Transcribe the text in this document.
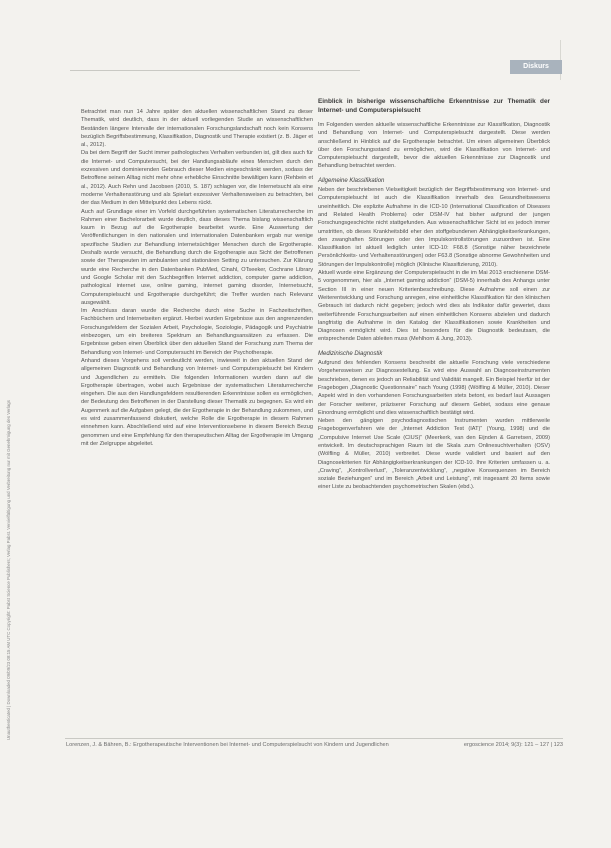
Unauthenticated | Downloaded 09/09/23 08:15 AM UTC Copyright: Pabst Science Publishers; Verlag Pabst. Vervielfältigung und Verbreitung nur mit Genehmigung des Verlags
Diskurs

Betrachtet man nun 14 Jahre später den aktuellen wissenschaftlichen Stand zu dieser Thematik, wird deutlich, dass in der aktuell vorliegenden Studie an wissenschaftlichen Beständen längere Intervalle der internationalen Forschungslandschaft noch kein Konsens bezüglich Begriffsbestimmung, Klassifikation, Diagnostik und Therapie existiert (z. B. Jäger et al., 2012).

Da bei dem Begriff der Sucht immer pathologisches Verhalten verbunden ist, gilt dies auch für die Internet- und Computersucht, bei der Handlungsabläufe eines Menschen durch den exzessiven und dominierenden Gebrauch dieser Medien eingeschränkt werden, sodass der Betroffene seinen Alltag nicht mehr ohne erhebliche Einschnitte bewältigen kann (Rehbein et al., 2012). Auch Rehn und Jacobsen (2010, S. 187) schlagen vor, die Internetsucht als eine moderne Verhaltensstörung und als Spielart exzessiver Verhaltensweisen zu betrachten, bei der das Medium in den Mittelpunkt des Lebens rückt.

Auch auf Grundlage einer im Vorfeld durchgeführten systematischen Literaturrecherche im Rahmen einer Bachelorarbeit wurde deutlich, dass dieses Thema bislang wissenschaftlich kaum in Bezug auf die Ergotherapie bearbeitet wurde. Eine Auswertung der Veröffentlichungen in den nationalen und internationalen Datenbanken ergab nur wenige spezifische Studien zur Behandlung internetsüchtiger Menschen durch die Ergotherapie. Deshalb wurde versucht, die Behandlung durch die Ergotherapie aus Sicht der Betroffenen sowie der Therapeuten im ambulanten und stationären Setting zu untersuchen. Zur Klärung wurde eine Recherche in den Datenbanken PubMed, Cinahl, OTseeker, Cochrane Library und Google Scholar mit den Suchbegriffen Internet addiction, computer game addiction, pathological internet use, online gaming, internet gaming disorder, Internetsucht, Computerspielsucht und Ergotherapie durchgeführt; die Treffer wurden nach Relevanz ausgewählt.

Im Anschluss daran wurde die Recherche durch eine Suche in Fachzeitschriften, Fachbüchern und Internetseiten ergänzt. Hierbei wurden Ergebnisse aus den angrenzenden Forschungsfeldern der Sozialen Arbeit, Psychologie, Soziologie, Pädagogik und Psychiatrie einbezogen, um ein breiteres Spektrum an Behandlungsansätzen zu erfassen. Die Ergebnisse geben einen Überblick über den aktuellen Stand der Forschung zum Thema der Behandlung von Internet- und Computersucht im Bereich der Psychotherapie.

Anhand dieses Vorgehens soll verdeutlicht werden, inwieweit in den aktuellen Stand der allgemeinen Diagnostik und Behandlung von Internet- und Computerspielsucht bei Kindern und Jugendlichen zu ermitteln. Die folgenden Informationen wurden dann auf die Ergotherapie übertragen, wobei auch Ergebnisse der systematischen Literaturrecherche eingehen. Die aus den Handlungsfeldern resultierenden Erkenntnisse sollen es ermöglichen, der Bedeutung des Betroffenen in der Darstellung dieser Thematik zu begegnen. Es wird ein Augenmerk auf die Aufgaben gelegt, die der Ergotherapie in der Behandlung zukommen, und es wird zusammenfassend diskutiert, welche Rolle die Ergotherapie in diesem Rahmen einnehmen kann. Abschließend wird auf eine Interventionsebene in diesem Bereich Bezug genommen und eine Empfehlung für den therapeutischen Alltag der Ergotherapie im Umgang mit der Zielgruppe abgeleitet.

Einblick in bisherige wissenschaftliche Erkenntnisse zur Thematik der Internet- und Computerspielsucht

Im Folgenden werden aktuelle wissenschaftliche Erkenntnisse zur Klassifikation, Diagnostik und Behandlung von Internet- und Computerspielsucht dargestellt. Diese werden anschließend in Hinblick auf die Ergotherapie betrachtet. Um einen allgemeinen Überblick über den Forschungsstand zu ermöglichen, wird die Klassifikation von Internet- und Computerspielsucht dargestellt, bevor die aktuellen Erkenntnisse zur Diagnostik und Behandlung betrachtet werden.

Allgemeine Klassifikation

Neben der beschriebenen Vielseitigkeit bezüglich der Begriffsbestimmung von Internet- und Computerspielsucht ist auch die Klassifikation innerhalb des Gesundheitswesens uneinheitlich. Die explizite Aufnahme in die ICD-10 (International Classification of Diseases and Related Health Problems) oder DSM-IV hat bisher aufgrund der jungen Forschungsgeschichte nicht stattgefunden. Aus wissenschaftlicher Sicht ist es jedoch immer umstritten, ob dieses Krankheitsbild eher den stoffgebundenen Abhängigkeitserkrankungen, den zwanghaften Störungen oder den Impulskontrollstörungen zuzuordnen ist. Eine Klassifikation ist aktuell lediglich unter ICD-10: F68.8 (Sonstige näher bezeichnete Persönlichkeits- und Verhaltensstörungen) oder F63.8 (Sonstige abnorme Gewohnheiten und Störungen der Impulskontrolle) möglich (Klinische Klassifizierung, 2010).
Aktuell wurde eine Ergänzung der Computerspielsucht in die im Mai 2013 erschienene DSM-5 vorgenommen, hier als „Internet gaming addiction“ (DSM-5) innerhalb des Anhangs unter Section III in einer neuen Kriterienbeschreibung. Diese Aufnahme soll einen zur Weiterentwicklung und Forschung anregen, eine einheitliche Klassifikation für den klinischen Gebrauch ist dadurch nicht gegeben; jedoch wird dies als Indikator dafür gewertet, dass weiterführende Forschungsarbeiten auf einen einheitlichen Konsens abzielen und dadurch langfristig die Aufnahme in den Katalog der Klassifikationen sowie Krankheiten und Diagnosen ermöglicht wird. Dies ist besonders für die Diagnostik bedeutsam, die entsprechende Daten ableiten muss (Mehlhorn & Jung, 2013).

Medizinische Diagnostik

Aufgrund des fehlenden Konsens beschreibt die aktuelle Forschung viele verschiedene Vorgehensweisen zur Diagnosestellung. Es wird eine Auswahl an Diagnoseinstrumenten beschrieben, denen es jedoch an Reliabilität und Validität mangelt. Ein Beispiel hierfür ist der Fragebogen „Diagnostic Questionnaire“ nach Young (1998) (Wölfling & Müller, 2010). Dieser Aspekt wird in den vorhandenen Forschungsarbeiten stets betont, es bedarf laut Aussagen der Forscher weiterer, präziserer Forschung auf diesem Gebiet, sodass eine genaue Einordnung ermöglicht und dies wissenschaftlich bestätigt wird.
Neben den gängigen psychodiagnostischen Instrumenten wurden mittlerweile Fragebogenverfahren wie der „Internet Addiction Test (IAT)“ (Young, 1998) und die „Compulsive Internet Use Scale (CIUS)“ (Meerkerk, van den Eijnden & Garretsen, 2009) entwickelt. Im deutschsprachigen Raum ist die Skala zum Onlinesuchtverhalten (OSV) (Wölfling & Müller, 2010) verbreitet. Diese wurde validiert und basiert auf den Diagnosekriterien für Abhängigkeitserkrankungen der ICD-10. Ihre Kriterien umfassen u. a. „Craving“, „Kontrollverlust“, „Toleranzentwicklung“, „negative Konsequenzen im Bereich soziale Beziehungen“ und im Bereich „Arbeit und Leistung“, mit insgesamt 20 Items sowie einer Liste zu beobachtenden psychometrischen Skalen (ebd.).

Lorenzen, J. & Bähren, B.: Ergotherapeutische Interventionen bei Internet- und Computerspielsucht von Kindern und Jugendlichen	ergoscience 2014; 9(3): 121 – 127 | 123
